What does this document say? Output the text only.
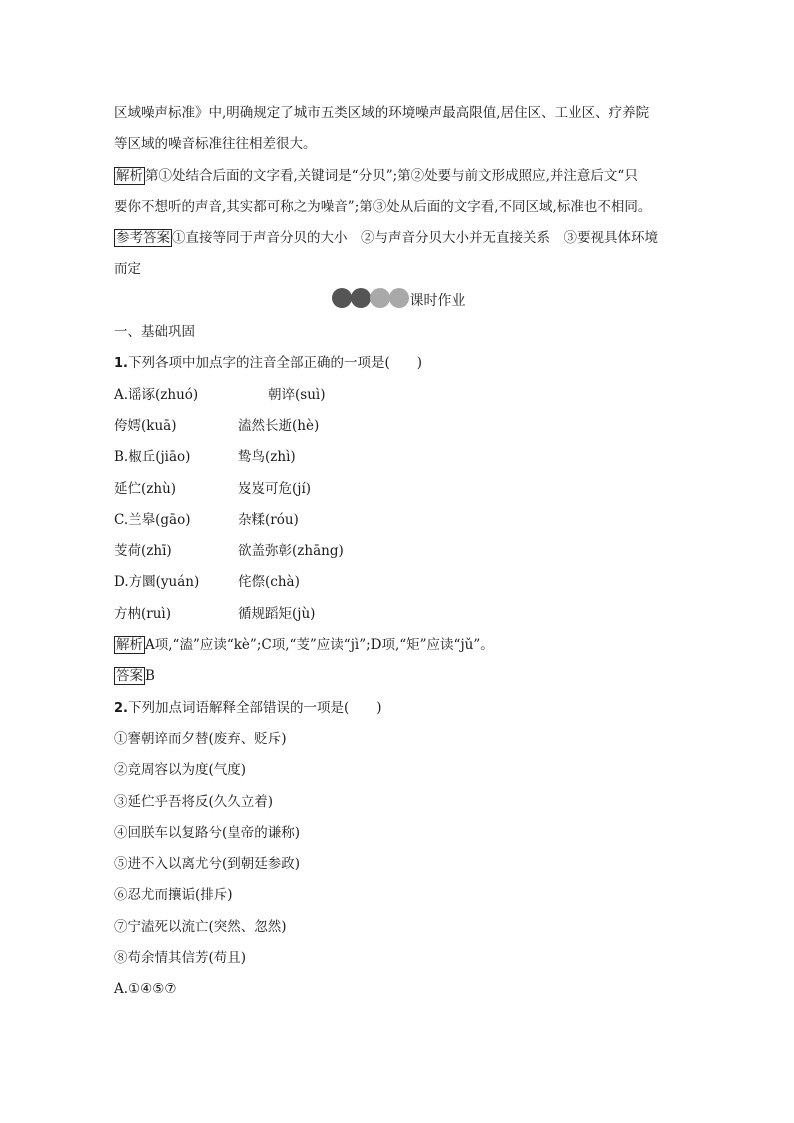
区域噪声标准》中,明确规定了城市五类区域的环境噪声最高限值,居住区、工业区、疗养院
等区域的噪音标准往往相差很大。
解析 第①处结合后面的文字看,关键词是“分贝”;第②处要与前文形成照应,并注意后文“只
要你不想听的声音,其实都可称之为噪音”;第③处从后面的文字看,不同区域,标准也不相同。
参考答案 ①直接等同于声音分贝的大小　②与声音分贝大小并无直接关系　③要视具体环境
而定
课时作业
一、基础巩固
1.下列各项中加点字的注音全部正确的一项是(　　)
A.谣诼(zhuó)	朝谇(suì)
侉嫮(kuā)	溘然长逝(hè)
B.椒丘(jiāo)	鸷鸟(zhì)
延伫(zhù)	岌岌可危(jí)
C.兰皋(gāo)	杂糅(róu)
芰荷(zhī)	欲盖弥彰(zhāng)
D.方圜(yuán)	侘傺(chà)
方枘(ruì)	循规蹈矩(jù)
解析 A项,“溘”应读“kè”;C项,“芰”应读“jì”;D项,“矩”应读“jǔ”。
答案 B
2.下列加点词语解释全部错误的一项是(　　)
①謇朝谇而夕替(废弃、贬斥)
②竞周容以为度(气度)
③延伫乎吾将反(久久立着)
④回朕车以复路兮(皇帝的谦称)
⑤进不入以离尤兮(到朝廷参政)
⑥忍尤而攘诟(排斥)
⑦宁溘死以流亡(突然、忽然)
⑧苟余情其信芳(苟且)
A.①④⑤⑦
